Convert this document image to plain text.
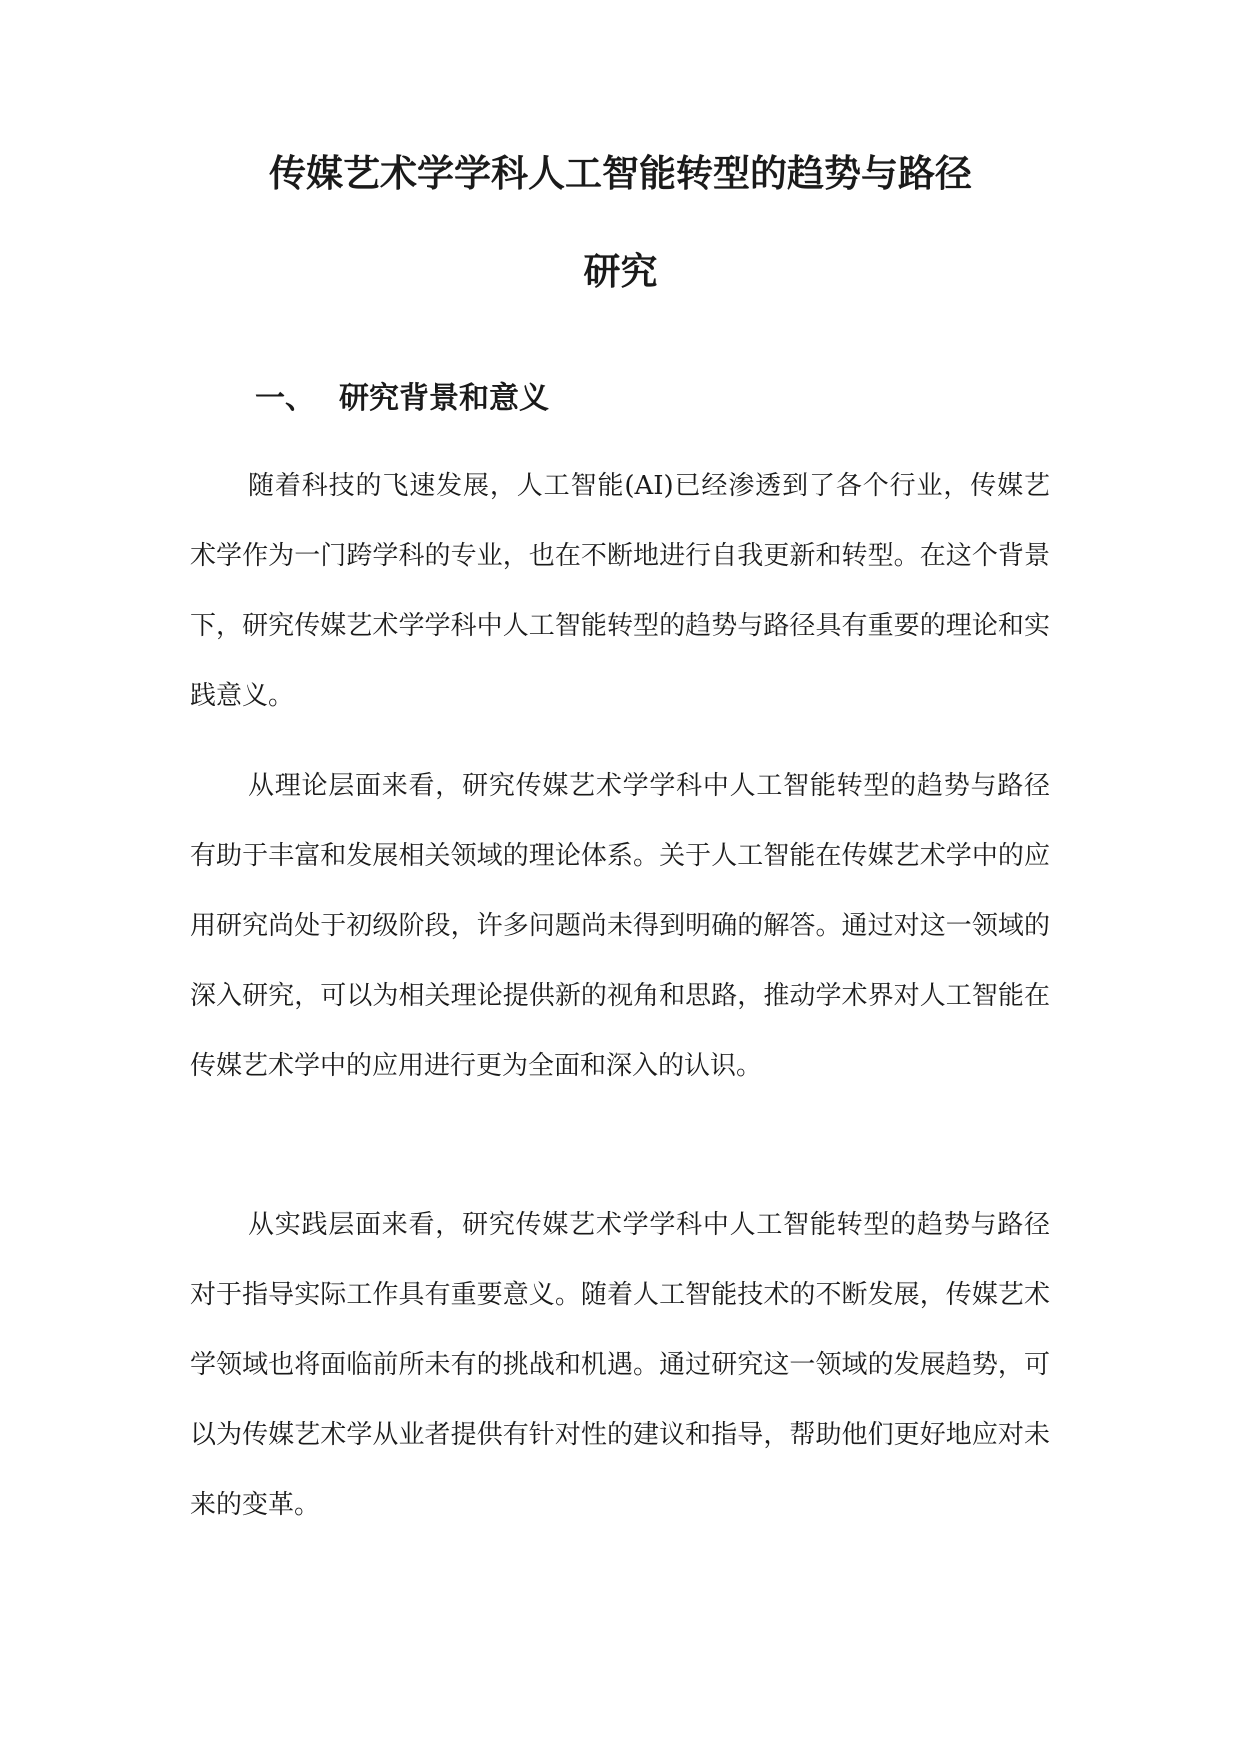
传媒艺术学学科人工智能转型的趋势与路径
研究
一、 研究背景和意义

随着科技的飞速发展，人工智能(AI)已经渗透到了各个行业，传媒艺术学作为一门跨学科的专业，也在不断地进行自我更新和转型。在这个背景下，研究传媒艺术学学科中人工智能转型的趋势与路径具有重要的理论和实践意义。

从理论层面来看，研究传媒艺术学学科中人工智能转型的趋势与路径有助于丰富和发展相关领域的理论体系。关于人工智能在传媒艺术学中的应用研究尚处于初级阶段，许多问题尚未得到明确的解答。通过对这一领域的深入研究，可以为相关理论提供新的视角和思路，推动学术界对人工智能在传媒艺术学中的应用进行更为全面和深入的认识。

从实践层面来看，研究传媒艺术学学科中人工智能转型的趋势与路径对于指导实际工作具有重要意义。随着人工智能技术的不断发展，传媒艺术学领域也将面临前所未有的挑战和机遇。通过研究这一领域的发展趋势，可以为传媒艺术学从业者提供有针对性的建议和指导，帮助他们更好地应对未来的变革。
